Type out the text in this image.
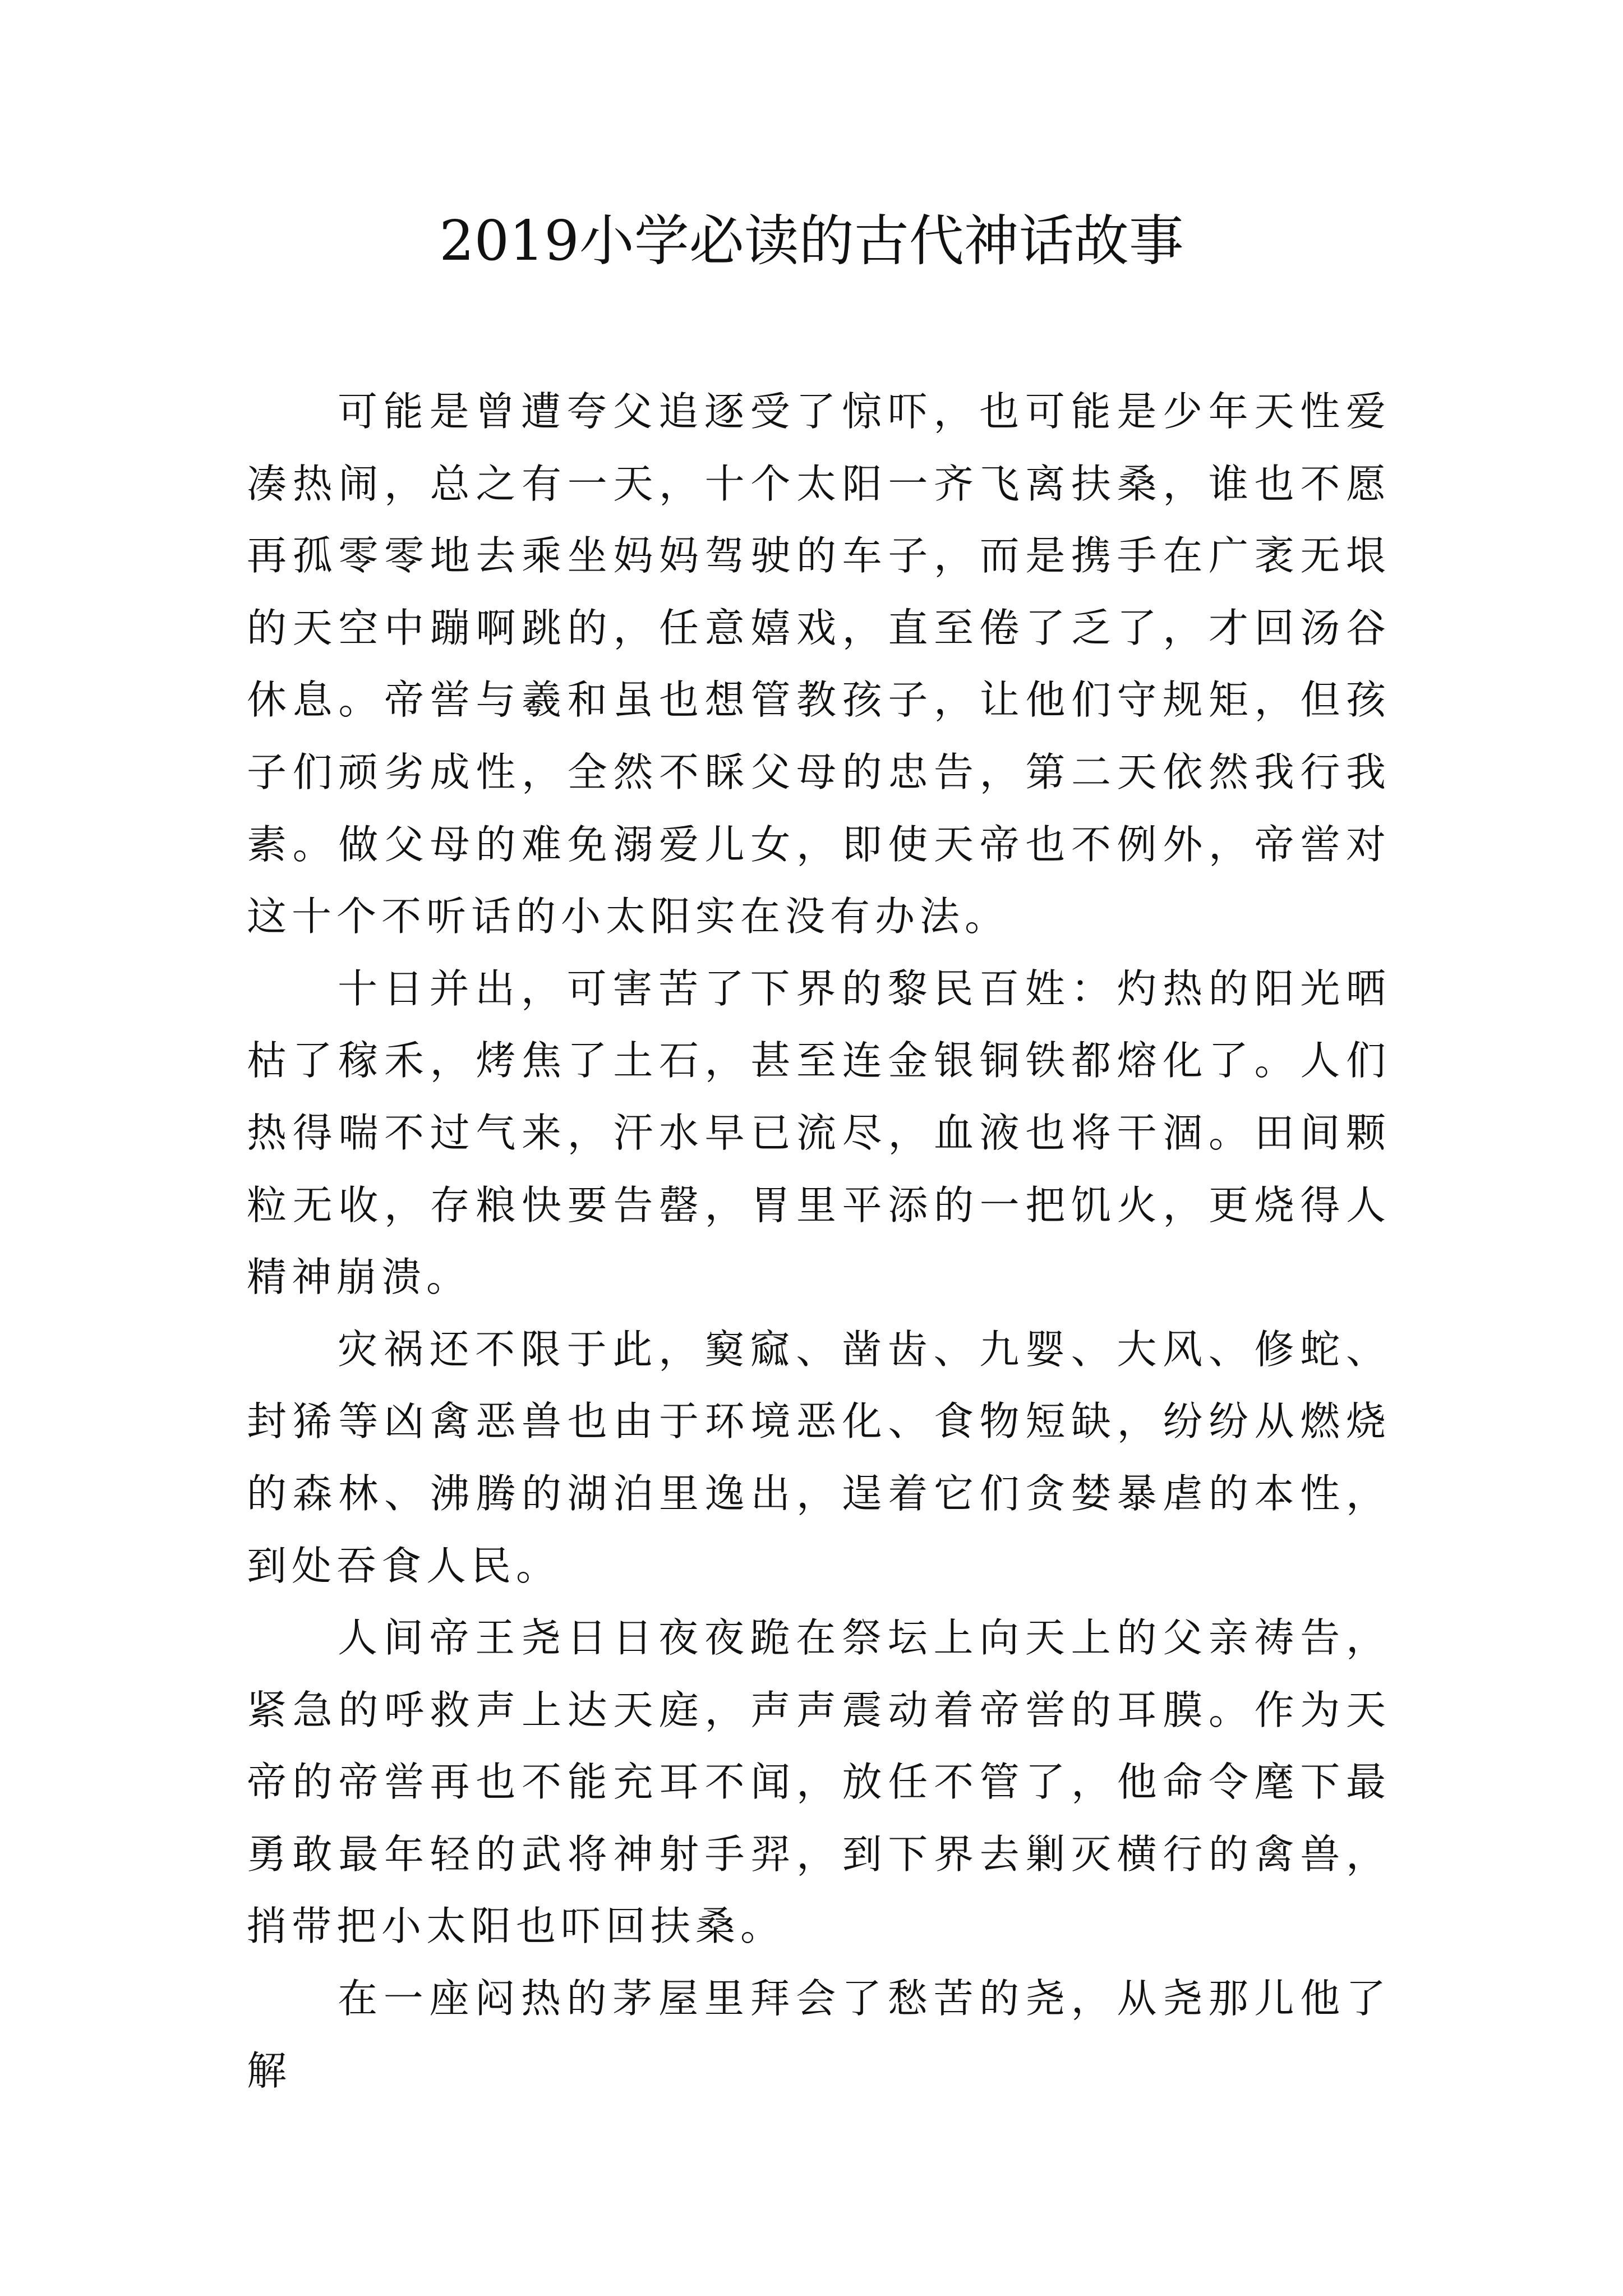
2019小学必读的古代神话故事

可能是曾遭夸父追逐受了惊吓，也可能是少年天性爱凑热闹，总之有一天，十个太阳一齐飞离扶桑，谁也不愿再孤零零地去乘坐妈妈驾驶的车子，而是携手在广袤无垠的天空中蹦啊跳的，任意嬉戏，直至倦了乏了，才回汤谷休息。帝喾与羲和虽也想管教孩子，让他们守规矩，但孩子们顽劣成性，全然不睬父母的忠告，第二天依然我行我素。做父母的难免溺爱儿女，即使天帝也不例外，帝喾对这十个不听话的小太阳实在没有办法。

十日并出，可害苦了下界的黎民百姓：灼热的阳光晒枯了稼禾，烤焦了土石，甚至连金银铜铁都熔化了。人们热得喘不过气来，汗水早已流尽，血液也将干涸。田间颗粒无收，存粮快要告罄，胃里平添的一把饥火，更烧得人精神崩溃。

灾祸还不限于此，窫窳、凿齿、九婴、大风、修蛇、封狶等凶禽恶兽也由于环境恶化、食物短缺，纷纷从燃烧的森林、沸腾的湖泊里逸出，逞着它们贪婪暴虐的本性，到处吞食人民。

人间帝王尧日日夜夜跪在祭坛上向天上的父亲祷告，紧急的呼救声上达天庭，声声震动着帝喾的耳膜。作为天帝的帝喾再也不能充耳不闻，放任不管了，他命令麾下最勇敢最年轻的武将神射手羿，到下界去剿灭横行的禽兽，捎带把小太阳也吓回扶桑。

在一座闷热的茅屋里拜会了愁苦的尧，从尧那儿他了解
